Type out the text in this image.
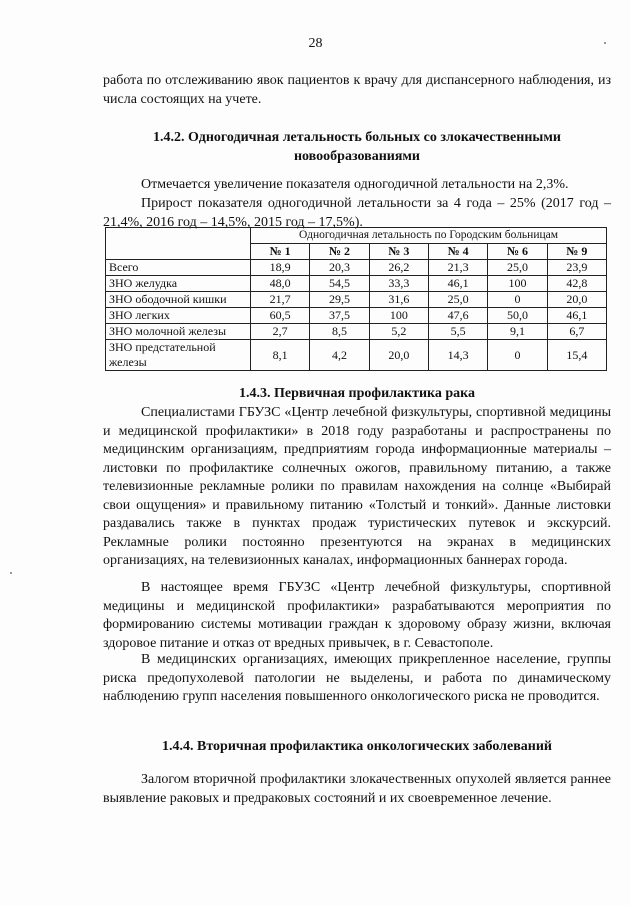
28
работа по отслеживанию явок пациентов к врачу для диспансерного наблюдения, из числа состоящих на учете.
1.4.2. Одногодичная летальность больных со злокачественными новообразованиями
Отмечается увеличение показателя одногодичной летальности на 2,3%.
Прирост показателя одногодичной летальности за 4 года – 25% (2017 год – 21,4%, 2016 год – 14,5%, 2015 год – 17,5%).
	Одногодичная летальность по Городским больницам					
	№ 1	№ 2	№ 3	№ 4	№ 6	№ 9
Всего	18,9	20,3	26,2	21,3	25,0	23,9
ЗНО желудка	48,0	54,5	33,3	46,1	100	42,8
ЗНО ободочной кишки	21,7	29,5	31,6	25,0	0	20,0
ЗНО легких	60,5	37,5	100	47,6	50,0	46,1
ЗНО молочной железы	2,7	8,5	5,2	5,5	9,1	6,7
ЗНО предстательной железы	8,1	4,2	20,0	14,3	0	15,4
1.4.3. Первичная профилактика рака
Специалистами ГБУЗС «Центр лечебной физкультуры, спортивной медицины и медицинской профилактики» в 2018 году разработаны и распространены по медицинским организациям, предприятиям города информационные материалы – листовки по профилактике солнечных ожогов, правильному питанию, а также телевизионные рекламные ролики по правилам нахождения на солнце «Выбирай свои ощущения» и правильному питанию «Толстый и тонкий». Данные листовки раздавались также в пунктах продаж туристических путевок и экскурсий. Рекламные ролики постоянно презентуются на экранах в медицинских организациях, на телевизионных каналах, информационных баннерах города.
В настоящее время ГБУЗС «Центр лечебной физкультуры, спортивной медицины и медицинской профилактики» разрабатываются мероприятия по формированию системы мотивации граждан к здоровому образу жизни, включая здоровое питание и отказ от вредных привычек, в г. Севастополе.
В медицинских организациях, имеющих прикрепленное население, группы риска предопухолевой патологии не выделены, и работа по динамическому наблюдению групп населения повышенного онкологического риска не проводится.
1.4.4. Вторичная профилактика онкологических заболеваний
Залогом вторичной профилактики злокачественных опухолей является раннее выявление раковых и предраковых состояний и их своевременное лечение.
